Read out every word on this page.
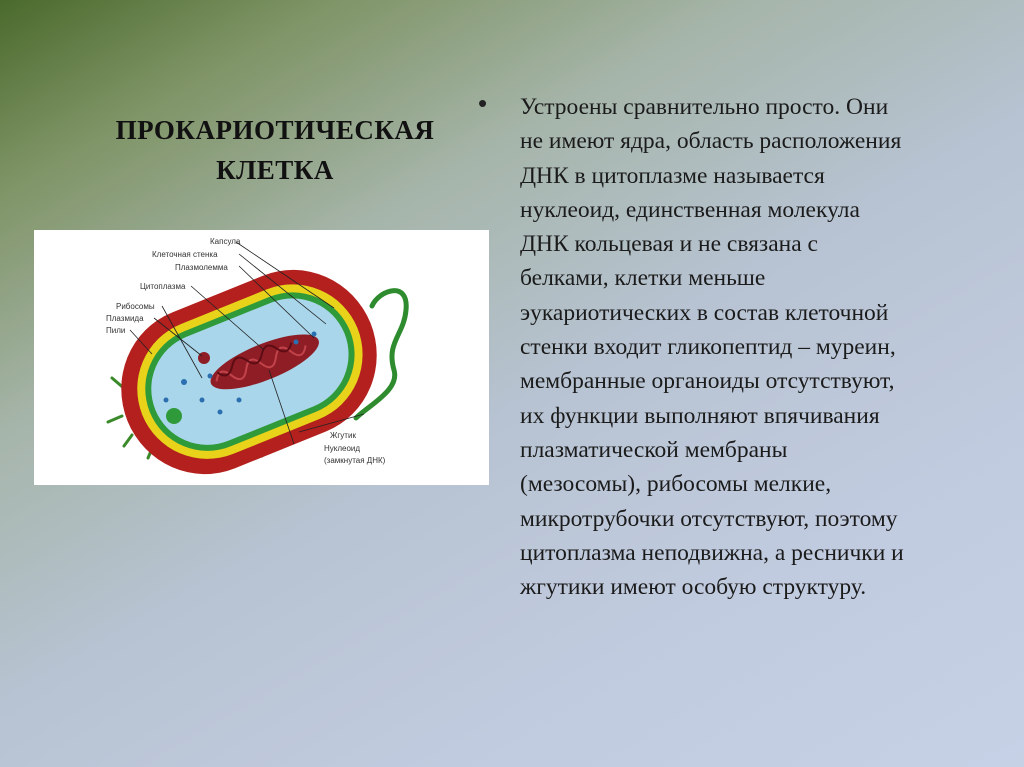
ПРОКАРИОТИЧЕСКАЯ
КЛЕТКА
Капсула
Клеточная стенка
Плазмолемма
Цитоплазма
Рибосомы
Плазмида
Пили
Жгутик
Нуклеоид
(замкнутая ДНК)
• Устроены сравнительно просто. Они
не имеют ядра, область расположения
ДНК в цитоплазме называется
нуклеоид, единственная молекула
ДНК кольцевая и не связана с
белками, клетки меньше
эукариотических в состав клеточной
стенки входит гликопептид – муреин,
мембранные органоиды отсутствуют,
их функции выполняют впячивания
плазматической мембраны
(мезосомы), рибосомы мелкие,
микротрубочки отсутствуют, поэтому
цитоплазма неподвижна, а реснички и
жгутики имеют особую структуру.
